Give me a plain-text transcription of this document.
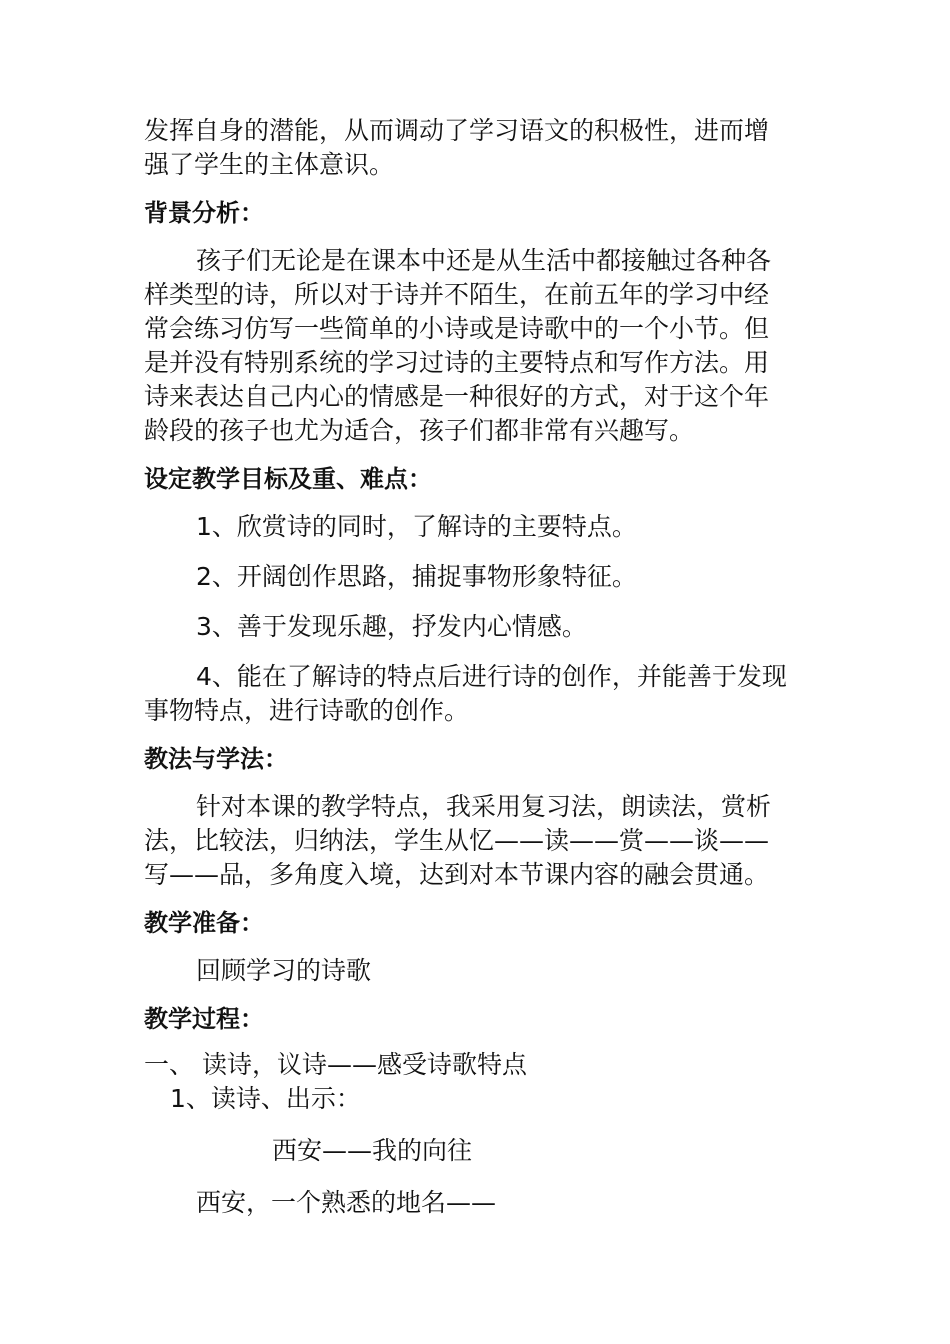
发挥自身的潜能，从而调动了学习语文的积极性，进而增

强了学生的主体意识。

背景分析：

孩子们无论是在课本中还是从生活中都接触过各种各

样类型的诗，所以对于诗并不陌生，在前五年的学习中经

常会练习仿写一些简单的小诗或是诗歌中的一个小节。但

是并没有特别系统的学习过诗的主要特点和写作方法。用

诗来表达自己内心的情感是一种很好的方式，对于这个年

龄段的孩子也尤为适合，孩子们都非常有兴趣写。

设定教学目标及重、难点：

1、欣赏诗的同时，了解诗的主要特点。

2、开阔创作思路，捕捉事物形象特征。

3、善于发现乐趣，抒发内心情感。

4、能在了解诗的特点后进行诗的创作，并能善于发现

事物特点，进行诗歌的创作。

教法与学法：

针对本课的教学特点，我采用复习法，朗读法，赏析

法，比较法，归纳法，学生从忆——读——赏——谈——

写——品，多角度入境，达到对本节课内容的融会贯通。

教学准备：

回顾学习的诗歌

教学过程：

一、 读诗，议诗——感受诗歌特点

1、读诗、出示：

西安——我的向往

西安，一个熟悉的地名——
